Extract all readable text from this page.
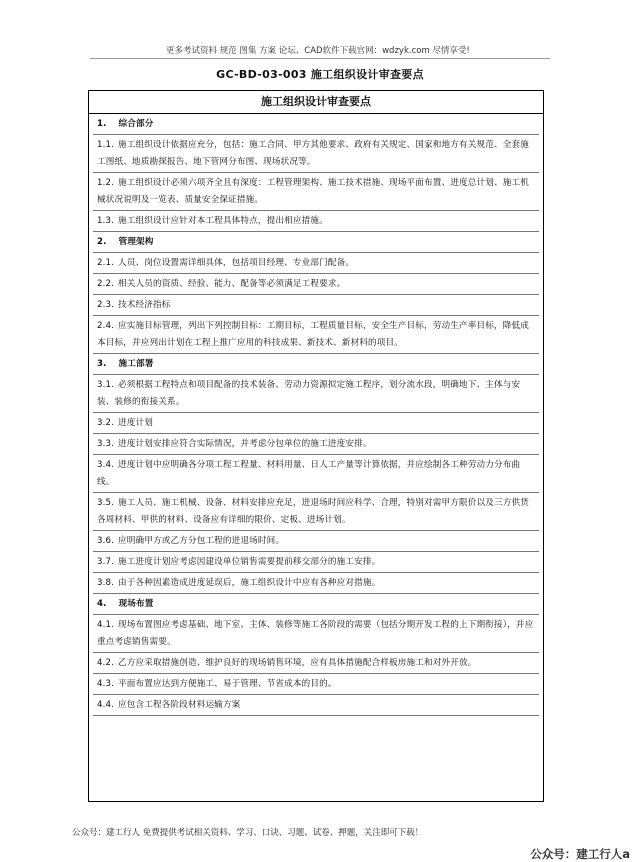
更多考试资料 规范 图集 方案 论坛、CAD软件下载官网：wdzyk.com 尽情享受!
GC-BD-03-003 施工组织设计审查要点
施工组织设计审查要点
1. 综合部分
1.1. 施工组织设计依据应充分，包括：施工合同、甲方其他要求、政府有关规定、国家和地方有关规范、全套施工图纸、地质勘探报告、地下管网分布图、现场状况等。
1.2. 施工组织设计必须六项齐全且有深度：工程管理架构、施工技术措施、现场平面布置、进度总计划、施工机械状况说明及一览表、质量安全保证措施。
1.3. 施工组织设计应针对本工程具体特点，提出相应措施。
2. 管理架构
2.1. 人员、岗位设置需详细具体，包括项目经理、专业部门配备。
2.2. 相关人员的资质、经验、能力、配备等必须满足工程要求。
2.3. 技术经济指标
2.4. 应实施目标管理，列出下列控制目标：工期目标，工程质量目标，安全生产目标，劳动生产率目标，降低成本目标，并应列出计划在工程上推广应用的科技成果、新技术、新材料的项目。
3. 施工部署
3.1. 必须根据工程特点和项目配备的技术装备、劳动力资源拟定施工程序，划分流水段，明确地下、主体与安装、装修的衔接关系。
3.2. 进度计划
3.3. 进度计划安排应符合实际情况，并考虑分包单位的施工进度安排。
3.4. 进度计划中应明确各分项工程工程量、材料用量、日人工产量等计算依据，并应绘制各工种劳动力分布曲线。
3.5. 施工人员、施工机械、设备、材料安排应充足，进退场时间应科学、合理，特别对需甲方限价以及三方供货各周材料、甲供的材料、设备应有详细的限价、定板、进场计划。
3.6. 应明确甲方或乙方分包工程的进退场时间。
3.7. 施工进度计划应考虑因建设单位销售需要提前移交部分的施工安排。
3.8. 由于各种因素造成进度延误后，施工组织设计中应有各种应对措施。
4. 现场布置
4.1. 现场布置图应考虑基础、地下室、主体、装修等施工各阶段的需要（包括分期开发工程的上下期衔接），并应重点考虑销售需要。
4.2. 乙方应采取措施创造、维护良好的现场销售环境，应有具体措施配合样板房施工和对外开放。
4.3. 平面布置应达到方便施工、易于管理、节省成本的目的。
4.4. 应包含工程各阶段材料运输方案
公众号：建工行人 免费提供考试相关资料、学习、口诀、习题、试卷、押题，关注即可下载！
公众号：建工行人a
